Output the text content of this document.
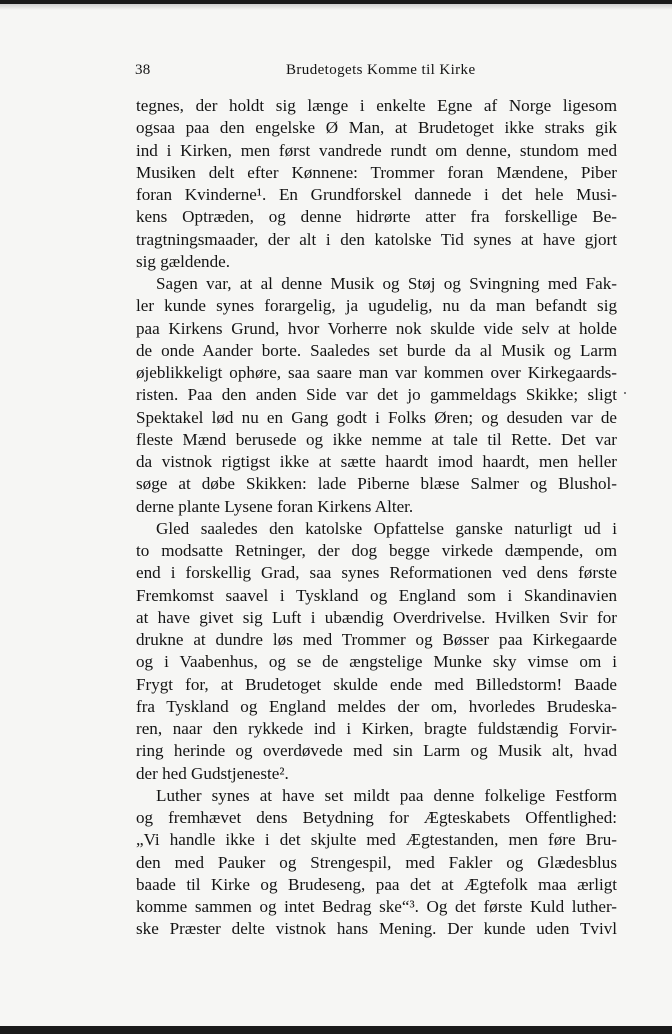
38	Brudetogets Komme til Kirke
tegnes, der holdt sig længe i enkelte Egne af Norge ligesom
ogsaa paa den engelske Ø Man, at Brudetoget ikke straks gik
ind i Kirken, men først vandrede rundt om denne, stundom med
Musiken delt efter Kønnene: Trommer foran Mændene, Piber
foran Kvinderne¹. En Grundforskel dannede i det hele Musi-
kens Optræden, og denne hidrørte atter fra forskellige Be-
tragtningsmaader, der alt i den katolske Tid synes at have gjort
sig gældende.
Sagen var, at al denne Musik og Støj og Svingning med Fak-
ler kunde synes forargelig, ja ugudelig, nu da man befandt sig
paa Kirkens Grund, hvor Vorherre nok skulde vide selv at holde
de onde Aander borte. Saaledes set burde da al Musik og Larm
øjeblikkeligt ophøre, saa saare man var kommen over Kirkegaards-
risten. Paa den anden Side var det jo gammeldags Skikke; sligt
Spektakel lød nu en Gang godt i Folks Øren; og desuden var de
fleste Mænd berusede og ikke nemme at tale til Rette. Det var
da vistnok rigtigst ikke at sætte haardt imod haardt, men heller
søge at døbe Skikken: lade Piberne blæse Salmer og Blushol-
derne plante Lysene foran Kirkens Alter.
Gled saaledes den katolske Opfattelse ganske naturligt ud i
to modsatte Retninger, der dog begge virkede dæmpende, om
end i forskellig Grad, saa synes Reformationen ved dens første
Fremkomst saavel i Tyskland og England som i Skandinavien
at have givet sig Luft i ubændig Overdrivelse. Hvilken Svir for
drukne at dundre løs med Trommer og Bøsser paa Kirkegaarde
og i Vaabenhus, og se de ængstelige Munke sky vimse om i
Frygt for, at Brudetoget skulde ende med Billedstorm! Baade
fra Tyskland og England meldes der om, hvorledes Brudeska-
ren, naar den rykkede ind i Kirken, bragte fuldstændig Forvir-
ring herinde og overdøvede med sin Larm og Musik alt, hvad
der hed Gudstjeneste².
Luther synes at have set mildt paa denne folkelige Festform
og fremhævet dens Betydning for Ægteskabets Offentlighed:
„Vi handle ikke i det skjulte med Ægtestanden, men føre Bru-
den med Pauker og Strengespil, med Fakler og Glædesblus
baade til Kirke og Brudeseng, paa det at Ægtefolk maa ærligt
komme sammen og intet Bedrag ske“³. Og det første Kuld luther-
ske Præster delte vistnok hans Mening. Der kunde uden Tvivl
